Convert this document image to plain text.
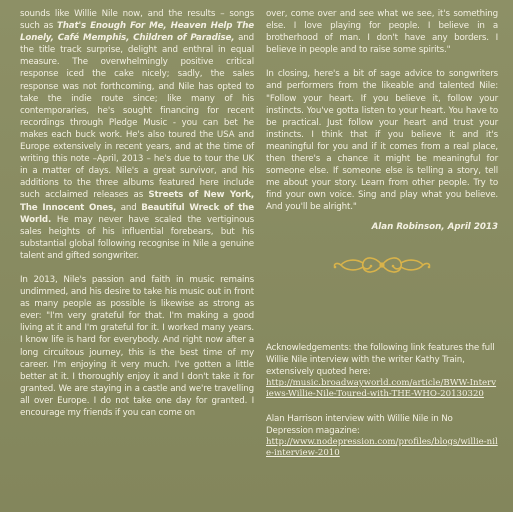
sounds like Willie Nile now, and the results – songs such as That's Enough For Me, Heaven Help The Lonely, Café Memphis, Children of Paradise, and the title track surprise, delight and enthral in equal measure. The overwhelmingly positive critical response iced the cake nicely; sadly, the sales response was not forthcoming, and Nile has opted to take the indie route since; like many of his contemporaries, he's sought financing for recent recordings through Pledge Music - you can bet he makes each buck work. He's also toured the USA and Europe extensively in recent years, and at the time of writing this note –April, 2013 – he's due to tour the UK in a matter of days. Nile's a great survivor, and his additions to the three albums featured here include such acclaimed releases as Streets of New York, The Innocent Ones, and Beautiful Wreck of the World. He may never have scaled the vertiginous sales heights of his influential forebears, but his substantial global following recognise in Nile a genuine talent and gifted songwriter.

In 2013, Nile's passion and faith in music remains undimmed, and his desire to take his music out in front as many people as possible is likewise as strong as ever: "I'm very grateful for that. I'm making a good living at it and I'm grateful for it. I worked many years. I know life is hard for everybody. And right now after a long circuitous journey, this is the best time of my career. I'm enjoying it very much. I've gotten a little better at it. I thoroughly enjoy it and I don't take it for granted. We are staying in a castle and we're travelling all over Europe. I do not take one day for granted. I encourage my friends if you can come on

over, come over and see what we see, it's something else. I love playing for people. I believe in a brotherhood of man. I don't have any borders. I believe in people and to raise some spirits."

In closing, here's a bit of sage advice to songwriters and performers from the likeable and talented Nile: "Follow your heart. If you believe it, follow your instincts. You've gotta listen to your heart. You have to be practical. Just follow your heart and trust your instincts. I think that if you believe it and it's meaningful for you and if it comes from a real place, then there's a chance it might be meaningful for someone else. If someone else is telling a story, tell me about your story. Learn from other people. Try to find your own voice. Sing and play what you believe. And you'll be alright."

Alan Robinson, April 2013

Acknowledgements: the following link features the full Willie Nile interview with the writer Kathy Train, extensively quoted here:

http://music.broadwayworld.com/article/BWW-Interviews-Willie-Nile-Toured-with-THE-WHO-20130320

Alan Harrison interview with Willie Nile in No Depression magazine:

http://www.nodepression.com/profiles/blogs/willie-nile-interview-2010
